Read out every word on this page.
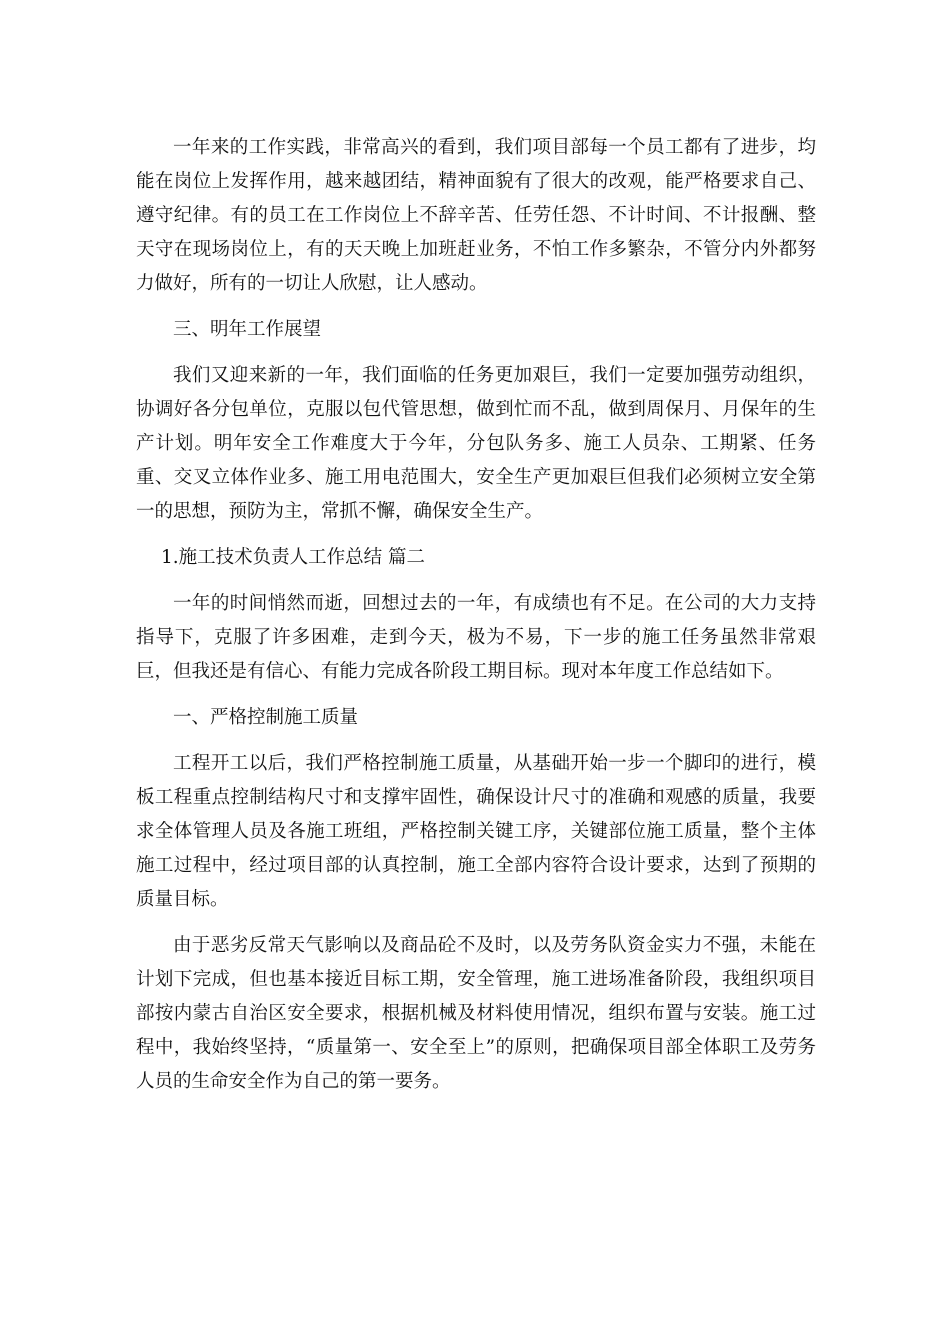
一年来的工作实践，非常高兴的看到，我们项目部每一个员工都有了进步，均能在岗位上发挥作用，越来越团结，精神面貌有了很大的改观，能严格要求自己、遵守纪律。有的员工在工作岗位上不辞辛苦、任劳任怨、不计时间、不计报酬、整天守在现场岗位上，有的天天晚上加班赶业务，不怕工作多繁杂，不管分内外都努力做好，所有的一切让人欣慰，让人感动。

三、明年工作展望

我们又迎来新的一年，我们面临的任务更加艰巨，我们一定要加强劳动组织，协调好各分包单位，克服以包代管思想，做到忙而不乱，做到周保月、月保年的生产计划。明年安全工作难度大于今年，分包队务多、施工人员杂、工期紧、任务重、交叉立体作业多、施工用电范围大，安全生产更加艰巨但我们必须树立安全第一的思想，预防为主，常抓不懈，确保安全生产。

1.施工技术负责人工作总结 篇二

一年的时间悄然而逝，回想过去的一年，有成绩也有不足。在公司的大力支持指导下，克服了许多困难，走到今天，极为不易，下一步的施工任务虽然非常艰巨，但我还是有信心、有能力完成各阶段工期目标。现对本年度工作总结如下。

一、严格控制施工质量

工程开工以后，我们严格控制施工质量，从基础开始一步一个脚印的进行，模板工程重点控制结构尺寸和支撑牢固性，确保设计尺寸的准确和观感的质量，我要求全体管理人员及各施工班组，严格控制关键工序，关键部位施工质量，整个主体施工过程中，经过项目部的认真控制，施工全部内容符合设计要求，达到了预期的质量目标。

由于恶劣反常天气影响以及商品砼不及时，以及劳务队资金实力不强，未能在计划下完成，但也基本接近目标工期，安全管理，施工进场准备阶段，我组织项目部按内蒙古自治区安全要求，根据机械及材料使用情况，组织布置与安装。施工过程中，我始终坚持，“质量第一、安全至上”的原则，把确保项目部全体职工及劳务人员的生命安全作为自己的第一要务。
